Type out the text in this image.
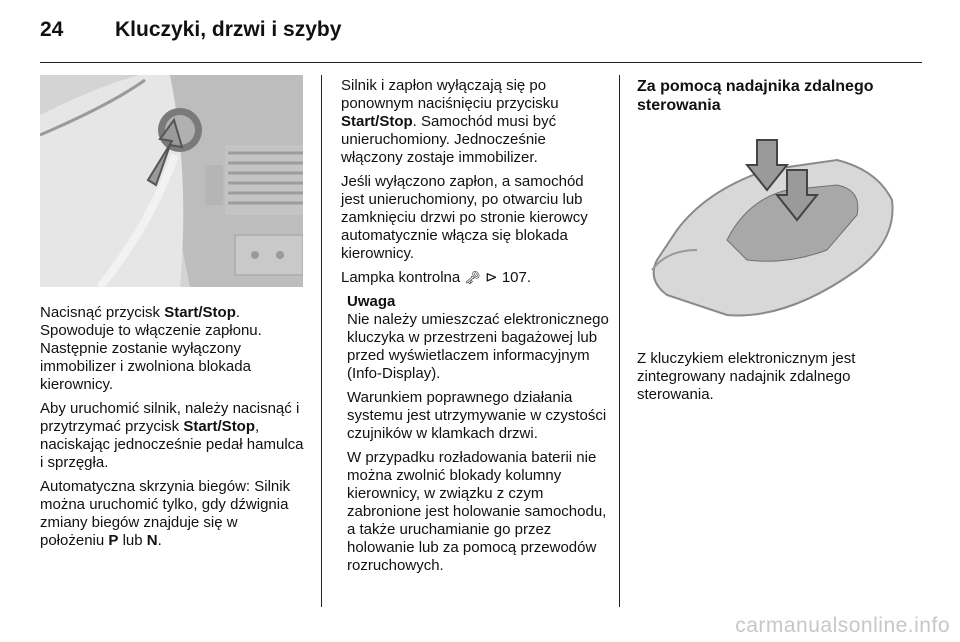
24 Kluczyki, drzwi i szyby

Nacisnąć przycisk Start/Stop. Spowoduje to włączenie zapłonu. Następnie zostanie wyłączony immobilizer i zwolniona blokada kierownicy.

Aby uruchomić silnik, należy nacisnąć i przytrzymać przycisk Start/Stop, naciskając jednocześnie pedał hamulca i sprzęgła.

Automatyczna skrzynia biegów: Silnik można uruchomić tylko, gdy dźwignia zmiany biegów znajduje się w położeniu P lub N.

Silnik i zapłon wyłączają się po ponownym naciśnięciu przycisku Start/Stop. Samochód musi być unieruchomiony. Jednocześnie włączony zostaje immobilizer.

Jeśli wyłączono zapłon, a samochód jest unieruchomiony, po otwarciu lub zamknięciu drzwi po stronie kierowcy automatycznie włącza się blokada kierownicy.

Lampka kontrolna 🗝︎ ⊳ 107.

Uwaga

Nie należy umieszczać elektronicznego kluczyka w przestrzeni bagażowej lub przed wyświetlaczem informacyjnym (Info-Display).

Warunkiem poprawnego działania systemu jest utrzymywanie w czystości czujników w klamkach drzwi.

W przypadku rozładowania baterii nie można zwolnić blokady kolumny kierownicy, w związku z czym zabronione jest holowanie samochodu, a także uruchamianie go przez holowanie lub za pomocą przewodów rozruchowych.

Za pomocą nadajnika zdalnego sterowania
Z kluczykiem elektronicznym jest zintegrowany nadajnik zdalnego sterowania.
carmanualsonline.info
